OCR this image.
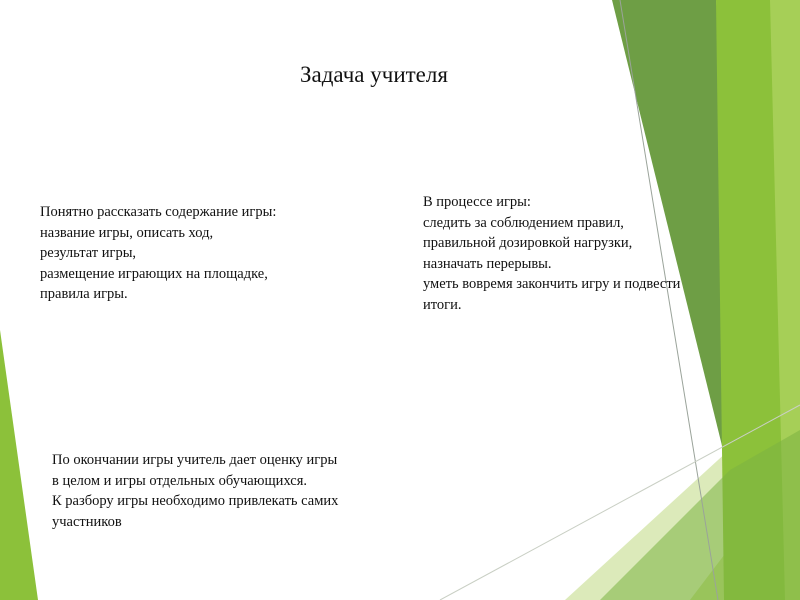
Задача учителя
Понятно рассказать содержание игры:
название игры, описать ход,
результат игры,
размещение играющих на площадке,
правила игры.
В процессе игры:
следить за соблюдением правил,
правильной дозировкой нагрузки,
назначать перерывы.
уметь вовремя закончить игру и подвести
итоги.
По окончании игры учитель дает оценку игры
в целом и игры отдельных обучающихся.
К разбору игры необходимо привлекать самих
участников
